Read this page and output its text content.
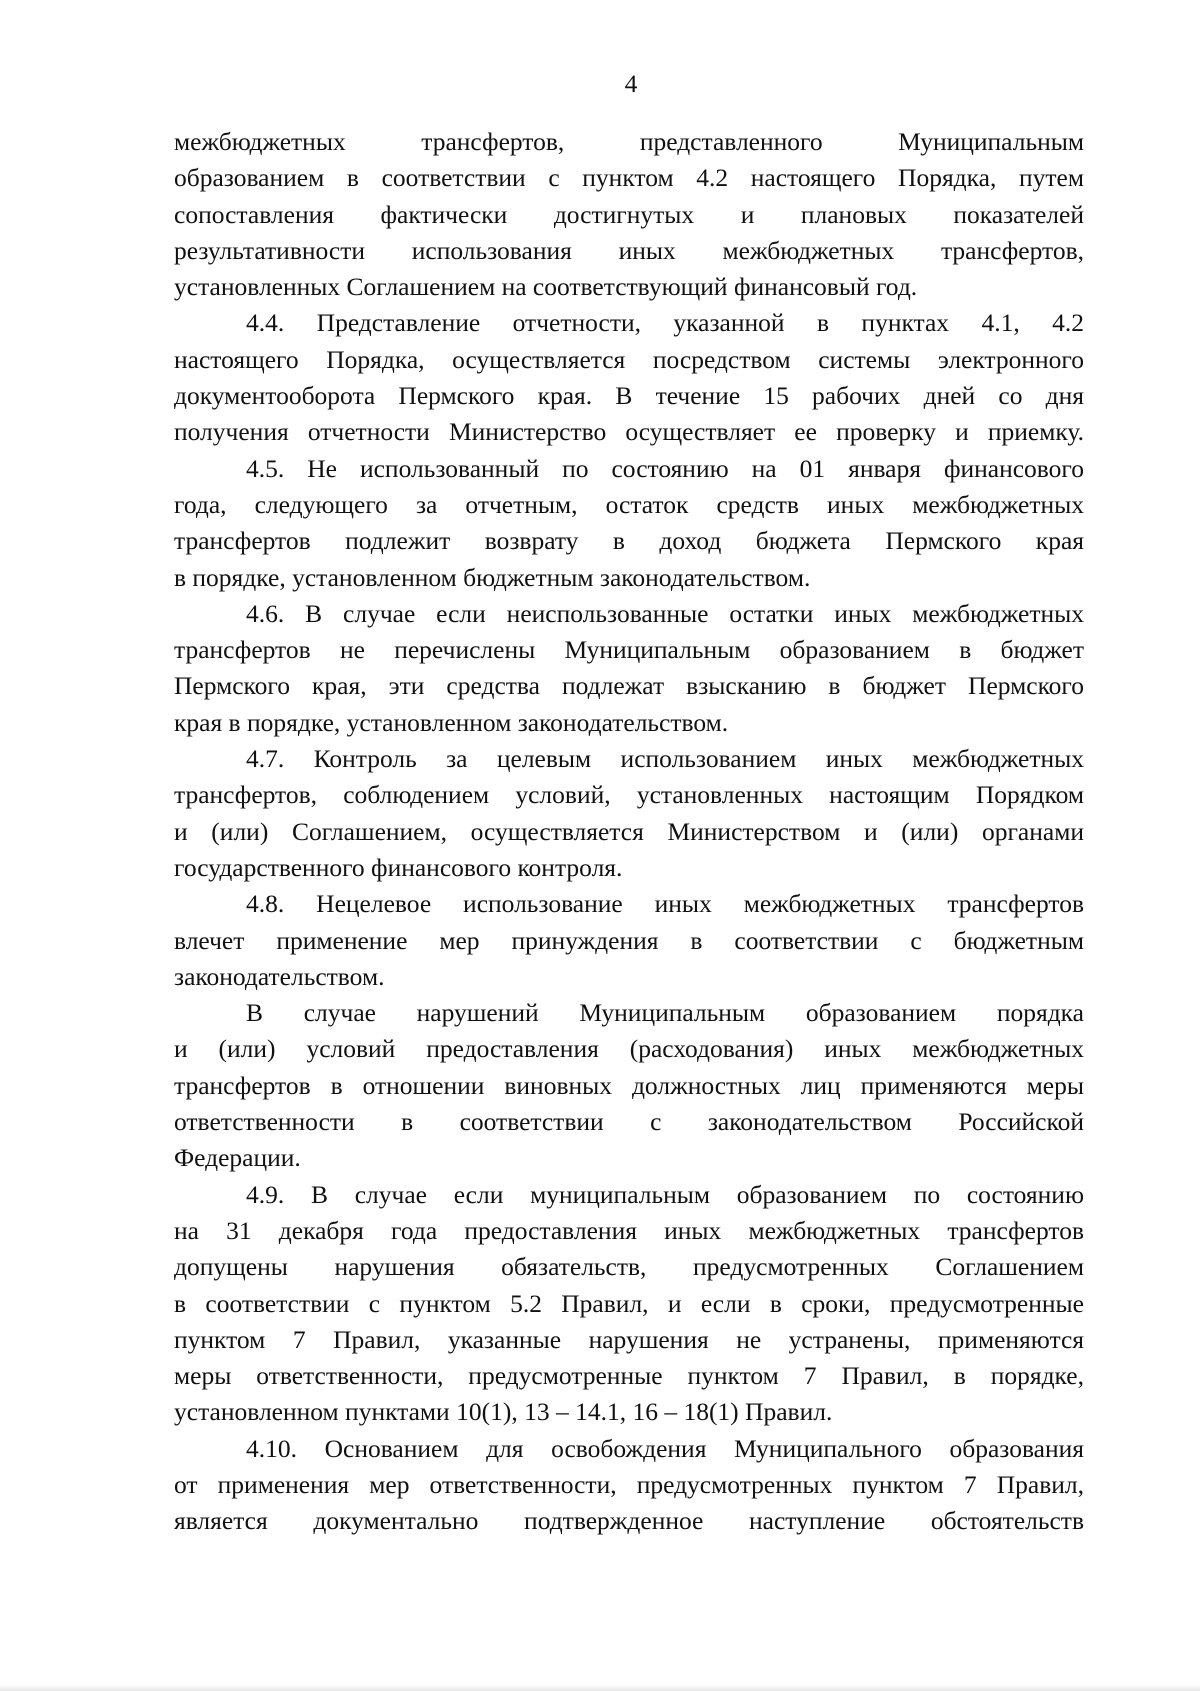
4
межбюджетных трансфертов, представленного Муниципальным
образованием в соответствии с пунктом 4.2 настоящего Порядка, путем
сопоставления фактически достигнутых и плановых показателей
результативности использования иных межбюджетных трансфертов,
установленных Соглашением на соответствующий финансовый год.
4.4. Представление отчетности, указанной в пунктах 4.1, 4.2
настоящего Порядка, осуществляется посредством системы электронного
документооборота Пермского края. В течение 15 рабочих дней со дня
получения отчетности Министерство осуществляет ее проверку и приемку.
4.5. Не использованный по состоянию на 01 января финансового
года, следующего за отчетным, остаток средств иных межбюджетных
трансфертов подлежит возврату в доход бюджета Пермского края
в порядке, установленном бюджетным законодательством.
4.6. В случае если неиспользованные остатки иных межбюджетных
трансфертов не перечислены Муниципальным образованием в бюджет
Пермского края, эти средства подлежат взысканию в бюджет Пермского
края в порядке, установленном законодательством.
4.7. Контроль за целевым использованием иных межбюджетных
трансфертов, соблюдением условий, установленных настоящим Порядком
и (или) Соглашением, осуществляется Министерством и (или) органами
государственного финансового контроля.
4.8. Нецелевое использование иных межбюджетных трансфертов
влечет применение мер принуждения в соответствии с бюджетным
законодательством.
В случае нарушений Муниципальным образованием порядка
и (или) условий предоставления (расходования) иных межбюджетных
трансфертов в отношении виновных должностных лиц применяются меры
ответственности в соответствии с законодательством Российской
Федерации.
4.9. В случае если муниципальным образованием по состоянию
на 31 декабря года предоставления иных межбюджетных трансфертов
допущены нарушения обязательств, предусмотренных Соглашением
в соответствии с пунктом 5.2 Правил, и если в сроки, предусмотренные
пунктом 7 Правил, указанные нарушения не устранены, применяются
меры ответственности, предусмотренные пунктом 7 Правил, в порядке,
установленном пунктами 10(1), 13 – 14.1, 16 – 18(1) Правил.
4.10. Основанием для освобождения Муниципального образования
от применения мер ответственности, предусмотренных пунктом 7 Правил,
является документально подтвержденное наступление обстоятельств
